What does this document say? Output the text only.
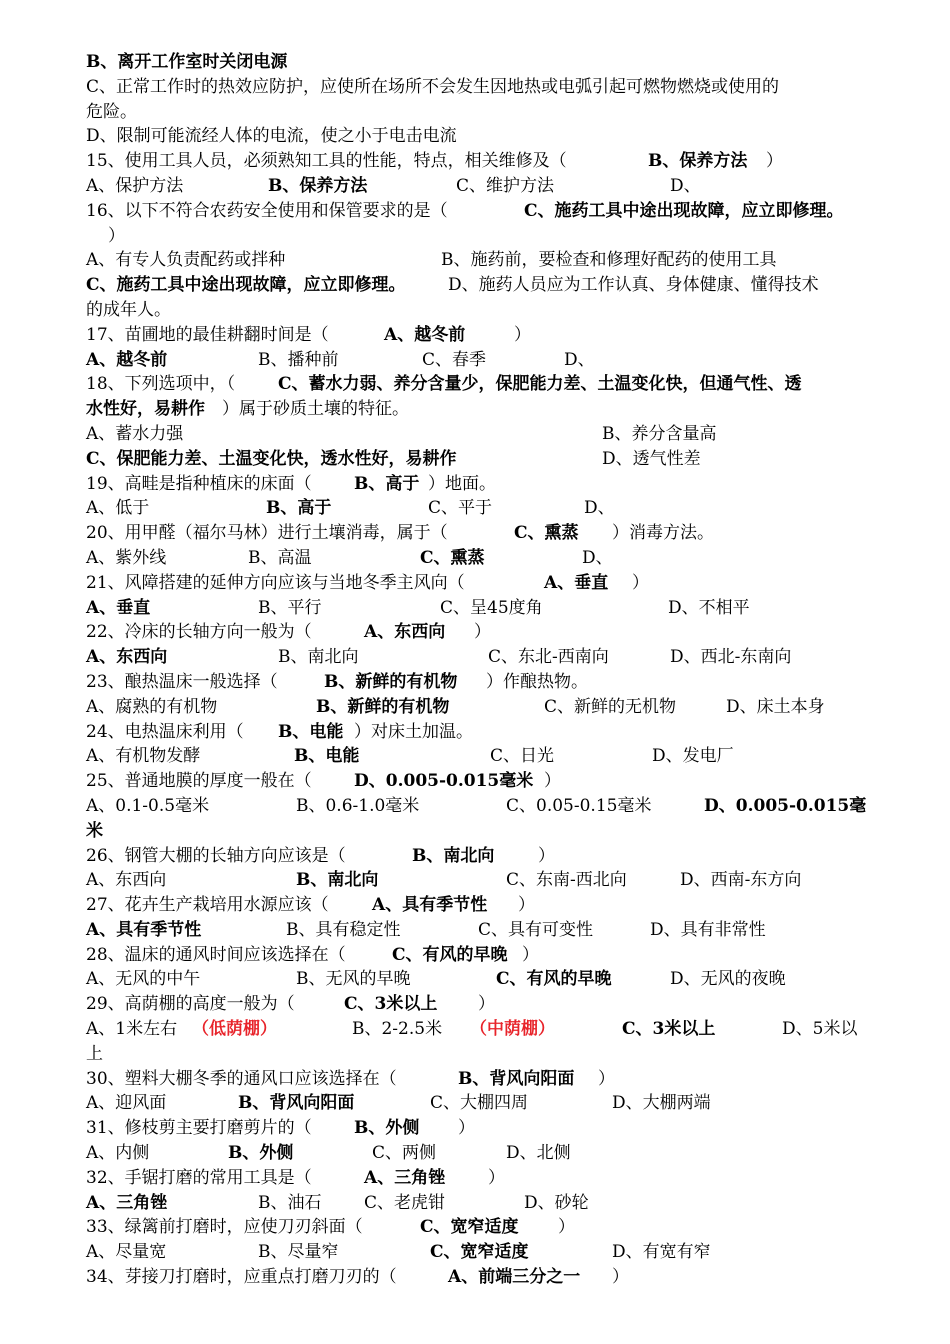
B、离开工作室时关闭电源
C、正常工作时的热效应防护，应使所在场所不会发生因地热或电弧引起可燃物燃烧或使用的
危险。
D、限制可能流经人体的电流，使之小于电击电流
15、使用工具人员，必须熟知工具的性能，特点，相关维修及（	B、保养方法 ）
A、保护方法	B、保养方法	C、维护方法	D、
16、以下不符合农药安全使用和保管要求的是（	C、施药工具中途出现故障，应立即修理。
）
A、有专人负责配药或拌种	B、施药前，要检查和修理好配药的使用工具
C、施药工具中途出现故障，应立即修理。 D、施药人员应为工作认真、身体健康、懂得技术
的成年人。
17、苗圃地的最佳耕翻时间是（	A、越冬前	）
A、越冬前	B、播种前	C、春季	D、
18、下列选项中，（	C、蓄水力弱、养分含量少，保肥能力差、土温变化快，但通气性、透
水性好，易耕作 ）属于砂质土壤的特征。
A、蓄水力强	B、养分含量高
C、保肥能力差、土温变化快，透水性好，易耕作	D、透气性差
19、高畦是指种植床的床面（ B、高于 ）地面。
A、低于	B、高于	C、平于	D、
20、用甲醛（福尔马林）进行土壤消毒，属于（	C、熏蒸 ）消毒方法。
A、紫外线	B、高温	C、熏蒸	D、
21、风障搭建的延伸方向应该与当地冬季主风向（	A、垂直 ）
A、垂直	B、平行	C、呈45度角	D、不相平
22、冷床的长轴方向一般为（	A、东西向 ）
A、东西向	B、南北向	C、东北-西南向	D、西北-东南向
23、酿热温床一般选择（	B、新鲜的有机物 ）作酿热物。
A、腐熟的有机物	B、新鲜的有机物	C、新鲜的无机物	D、床土本身
24、电热温床利用（ B、电能 ）对床土加温。
A、有机物发酵	B、电能	C、日光	D、发电厂
25、普通地膜的厚度一般在（ D、0.005-0.015毫米 ）
A、0.1-0.5毫米	B、0.6-1.0毫米	C、0.05-0.15毫米	D、0.005-0.015毫
米
26、钢管大棚的长轴方向应该是（	B、南北向	）
A、东西向	B、南北向	C、东南-西北向	D、西南-东方向
27、花卉生产栽培用水源应该（	A、具有季节性 ）
A、具有季节性	B、具有稳定性	C、具有可变性	D、具有非常性
28、温床的通风时间应该选择在（	C、有风的早晚 ）
A、无风的中午	B、无风的早晚	C、有风的早晚	D、无风的夜晚
29、高荫棚的高度一般为（	C、3米以上 ）
A、1米左右 （低荫棚）	B、2-2.5米 （中荫棚）	C、3米以上	D、5米以
上
30、塑料大棚冬季的通风口应该选择在（	B、背风向阳面 ）
A、迎风面	B、背风向阳面	C、大棚四周	D、大棚两端
31、修枝剪主要打磨剪片的（ B、外侧 ）
A、内侧	B、外侧	C、两侧	D、北侧
32、手锯打磨的常用工具是（	A、三角锉	）
A、三角锉	B、油石	C、老虎钳	D、砂轮
33、绿篱前打磨时，应使刀刃斜面（	C、宽窄适度 ）
A、尽量宽	B、尽量窄	C、宽窄适度	D、有宽有窄
34、芽接刀打磨时，应重点打磨刀刃的（	A、前端三分之一 ）
